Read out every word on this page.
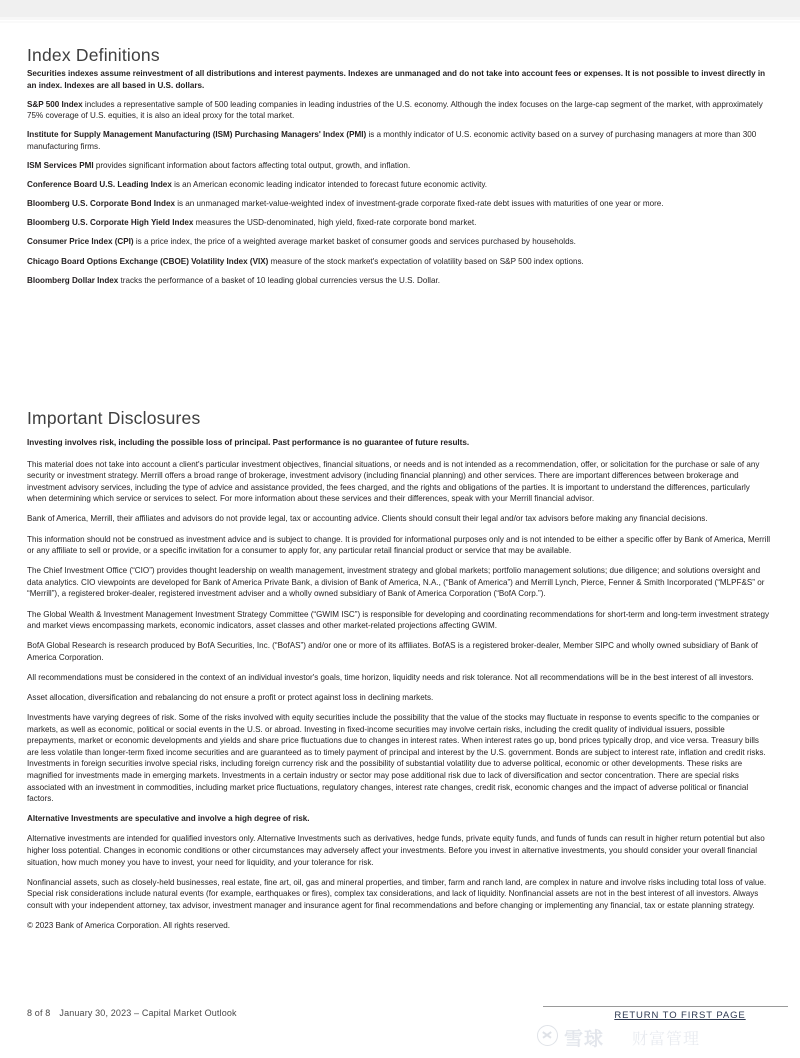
Index Definitions

Securities indexes assume reinvestment of all distributions and interest payments. Indexes are unmanaged and do not take into account fees or expenses. It is not possible to invest directly in an index. Indexes are all based in U.S. dollars.

S&P 500 Index includes a representative sample of 500 leading companies in leading industries of the U.S. economy. Although the index focuses on the large-cap segment of the market, with approximately 75% coverage of U.S. equities, it is also an ideal proxy for the total market.

Institute for Supply Management Manufacturing (ISM) Purchasing Managers' Index (PMI) is a monthly indicator of U.S. economic activity based on a survey of purchasing managers at more than 300 manufacturing firms.

ISM Services PMI provides significant information about factors affecting total output, growth, and inflation.

Conference Board U.S. Leading Index is an American economic leading indicator intended to forecast future economic activity.

Bloomberg U.S. Corporate Bond Index is an unmanaged market-value-weighted index of investment-grade corporate fixed-rate debt issues with maturities of one year or more.

Bloomberg U.S. Corporate High Yield Index measures the USD-denominated, high yield, fixed-rate corporate bond market.

Consumer Price Index (CPI) is a price index, the price of a weighted average market basket of consumer goods and services purchased by households.

Chicago Board Options Exchange (CBOE) Volatility Index (VIX) measure of the stock market's expectation of volatility based on S&P 500 index options.

Bloomberg Dollar Index tracks the performance of a basket of 10 leading global currencies versus the U.S. Dollar.

Important Disclosures

Investing involves risk, including the possible loss of principal. Past performance is no guarantee of future results.

This material does not take into account a client's particular investment objectives, financial situations, or needs and is not intended as a recommendation, offer, or solicitation for the purchase or sale of any security or investment strategy. Merrill offers a broad range of brokerage, investment advisory (including financial planning) and other services. There are important differences between brokerage and investment advisory services, including the type of advice and assistance provided, the fees charged, and the rights and obligations of the parties. It is important to understand the differences, particularly when determining which service or services to select. For more information about these services and their differences, speak with your Merrill financial advisor.

Bank of America, Merrill, their affiliates and advisors do not provide legal, tax or accounting advice. Clients should consult their legal and/or tax advisors before making any financial decisions.

This information should not be construed as investment advice and is subject to change. It is provided for informational purposes only and is not intended to be either a specific offer by Bank of America, Merrill or any affiliate to sell or provide, or a specific invitation for a consumer to apply for, any particular retail financial product or service that may be available.

The Chief Investment Office (“CIO”) provides thought leadership on wealth management, investment strategy and global markets; portfolio management solutions; due diligence; and solutions oversight and data analytics. CIO viewpoints are developed for Bank of America Private Bank, a division of Bank of America, N.A., (“Bank of America”) and Merrill Lynch, Pierce, Fenner & Smith Incorporated (“MLPF&S” or “Merrill”), a registered broker-dealer, registered investment adviser and a wholly owned subsidiary of Bank of America Corporation (“BofA Corp.”).

The Global Wealth & Investment Management Investment Strategy Committee (“GWIM ISC”) is responsible for developing and coordinating recommendations for short-term and long-term investment strategy and market views encompassing markets, economic indicators, asset classes and other market-related projections affecting GWIM.

BofA Global Research is research produced by BofA Securities, Inc. (“BofAS”) and/or one or more of its affiliates. BofAS is a registered broker-dealer, Member SIPC and wholly owned subsidiary of Bank of America Corporation.

All recommendations must be considered in the context of an individual investor's goals, time horizon, liquidity needs and risk tolerance. Not all recommendations will be in the best interest of all investors.

Asset allocation, diversification and rebalancing do not ensure a profit or protect against loss in declining markets.

Investments have varying degrees of risk. Some of the risks involved with equity securities include the possibility that the value of the stocks may fluctuate in response to events specific to the companies or markets, as well as economic, political or social events in the U.S. or abroad. Investing in fixed-income securities may involve certain risks, including the credit quality of individual issuers, possible prepayments, market or economic developments and yields and share price fluctuations due to changes in interest rates. When interest rates go up, bond prices typically drop, and vice versa. Treasury bills are less volatile than longer-term fixed income securities and are guaranteed as to timely payment of principal and interest by the U.S. government. Bonds are subject to interest rate, inflation and credit risks. Investments in foreign securities involve special risks, including foreign currency risk and the possibility of substantial volatility due to adverse political, economic or other developments. These risks are magnified for investments made in emerging markets. Investments in a certain industry or sector may pose additional risk due to lack of diversification and sector concentration. There are special risks associated with an investment in commodities, including market price fluctuations, regulatory changes, interest rate changes, credit risk, economic changes and the impact of adverse political or financial factors.

Alternative Investments are speculative and involve a high degree of risk.

Alternative investments are intended for qualified investors only. Alternative Investments such as derivatives, hedge funds, private equity funds, and funds of funds can result in higher return potential but also higher loss potential. Changes in economic conditions or other circumstances may adversely affect your investments. Before you invest in alternative investments, you should consider your overall financial situation, how much money you have to invest, your need for liquidity, and your tolerance for risk.

Nonfinancial assets, such as closely-held businesses, real estate, fine art, oil, gas and mineral properties, and timber, farm and ranch land, are complex in nature and involve risks including total loss of value. Special risk considerations include natural events (for example, earthquakes or fires), complex tax considerations, and lack of liquidity. Nonfinancial assets are not in the best interest of all investors. Always consult with your independent attorney, tax advisor, investment manager and insurance agent for final recommendations and before changing or implementing any financial, tax or estate planning strategy.

© 2023 Bank of America Corporation. All rights reserved.

8 of 8 January 30, 2023 – Capital Market Outlook	RETURN TO FIRST PAGE
雪球 财富管理
